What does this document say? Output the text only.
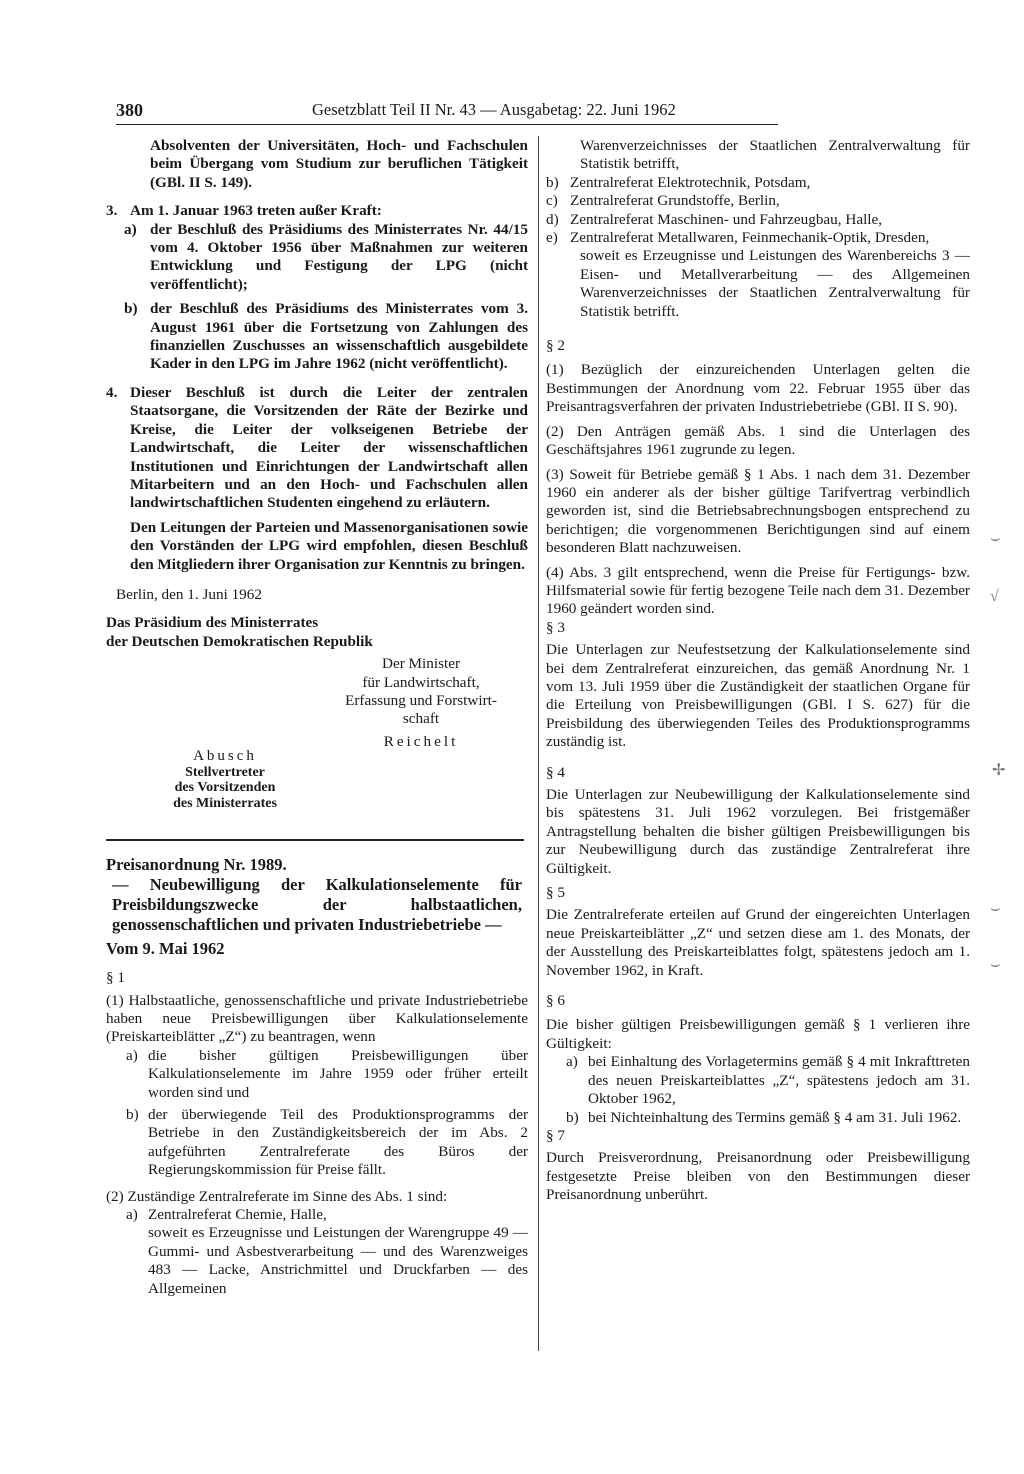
380	Gesetzblatt Teil II Nr. 43 — Ausgabetag: 22. Juni 1962

Absolventen der Universitäten, Hoch- und Fachschulen beim Übergang vom Studium zur beruflichen Tätigkeit (GBl. II S. 149).

3. Am 1. Januar 1963 treten außer Kraft:
a) der Beschluß des Präsidiums des Ministerrates Nr. 44/15 vom 4. Oktober 1956 über Maßnahmen zur weiteren Entwicklung und Festigung der LPG (nicht veröffentlicht);
b) der Beschluß des Präsidiums des Ministerrates vom 3. August 1961 über die Fortsetzung von Zahlungen des finanziellen Zuschusses an wissenschaftlich ausgebildete Kader in den LPG im Jahre 1962 (nicht veröffentlicht).
4. Dieser Beschluß ist durch die Leiter der zentralen Staatsorgane, die Vorsitzenden der Räte der Bezirke und Kreise, die Leiter der volkseigenen Betriebe der Landwirtschaft, die Leiter der wissenschaftlichen Institutionen und Einrichtungen der Landwirtschaft allen Mitarbeitern und an den Hoch- und Fachschulen allen landwirtschaftlichen Studenten eingehend zu erläutern.

Den Leitungen der Parteien und Massenorganisationen sowie den Vorständen der LPG wird empfohlen, diesen Beschluß den Mitgliedern ihrer Organisation zur Kenntnis zu bringen.

Berlin, den 1. Juni 1962

Das Präsidium des Ministerrates

der Deutschen Demokratischen Republik

Der Minister
für Landwirtschaft,
Erfassung und Forstwirt-
schaft
Reichelt
Abusch
Stellvertreter
des Vorsitzenden
des Ministerrates

Preisanordnung Nr. 1989.

— Neubewilligung der Kalkulationselemente für Preisbildungszwecke der halbstaatlichen, genossenschaftlichen und privaten Industriebetriebe —

Vom 9. Mai 1962

§ 1

(1) Halbstaatliche, genossenschaftliche und private Industriebetriebe haben neue Preisbewilligungen über Kalkulationselemente (Preiskarteiblätter „Z“) zu beantragen, wenn

a) die bisher gültigen Preisbewilligungen über Kalkulationselemente im Jahre 1959 oder früher erteilt worden sind und
b) der überwiegende Teil des Produktionsprogramms der Betriebe in den Zuständigkeitsbereich der im Abs. 2 aufgeführten Zentralreferate des Büros der Regierungskommission für Preise fällt.

(2) Zuständige Zentralreferate im Sinne des Abs. 1 sind:

a) Zentralreferat Chemie, Halle,

soweit es Erzeugnisse und Leistungen der Warengruppe 49 — Gummi- und Asbestverarbeitung — und des Warenzweiges 483 — Lacke, Anstrichmittel und Druckfarben — des Allgemeinen

Warenverzeichnisses der Staatlichen Zentralverwaltung für Statistik betrifft,

b) Zentralreferat Elektrotechnik, Potsdam,
c) Zentralreferat Grundstoffe, Berlin,
d) Zentralreferat Maschinen- und Fahrzeugbau, Halle,
e) Zentralreferat Metallwaren, Feinmechanik-Optik, Dresden,

soweit es Erzeugnisse und Leistungen des Warenbereichs 3 — Eisen- und Metallverarbeitung — des Allgemeinen Warenverzeichnisses der Staatlichen Zentralverwaltung für Statistik betrifft.

§ 2

(1) Bezüglich der einzureichenden Unterlagen gelten die Bestimmungen der Anordnung vom 22. Februar 1955 über das Preisantragsverfahren der privaten Industriebetriebe (GBl. II S. 90).

(2) Den Anträgen gemäß Abs. 1 sind die Unterlagen des Geschäftsjahres 1961 zugrunde zu legen.

(3) Soweit für Betriebe gemäß § 1 Abs. 1 nach dem 31. Dezember 1960 ein anderer als der bisher gültige Tarifvertrag verbindlich geworden ist, sind die Betriebsabrechnungsbogen entsprechend zu berichtigen; die vorgenommenen Berichtigungen sind auf einem besonderen Blatt nachzuweisen.

(4) Abs. 3 gilt entsprechend, wenn die Preise für Fertigungs- bzw. Hilfsmaterial sowie für fertig bezogene Teile nach dem 31. Dezember 1960 geändert worden sind.

§ 3

Die Unterlagen zur Neufestsetzung der Kalkulationselemente sind bei dem Zentralreferat einzureichen, das gemäß Anordnung Nr. 1 vom 13. Juli 1959 über die Zuständigkeit der staatlichen Organe für die Erteilung von Preisbewilligungen (GBl. I S. 627) für die Preisbildung des überwiegenden Teiles des Produktionsprogramms zuständig ist.

§ 4

Die Unterlagen zur Neubewilligung der Kalkulationselemente sind bis spätestens 31. Juli 1962 vorzulegen. Bei fristgemäßer Antragstellung behalten die bisher gültigen Preisbewilligungen bis zur Neubewilligung durch das zuständige Zentralreferat ihre Gültigkeit.

§ 5

Die Zentralreferate erteilen auf Grund der eingereichten Unterlagen neue Preiskarteiblätter „Z“ und setzen diese am 1. des Monats, der der Ausstellung des Preiskarteiblattes folgt, spätestens jedoch am 1. November 1962, in Kraft.

§ 6

Die bisher gültigen Preisbewilligungen gemäß § 1 verlieren ihre Gültigkeit:

a) bei Einhaltung des Vorlagetermins gemäß § 4 mit Inkrafttreten des neuen Preiskarteiblattes „Z“, spätestens jedoch am 31. Oktober 1962,
b) bei Nichteinhaltung des Termins gemäß § 4 am 31. Juli 1962.

§ 7

Durch Preisverordnung, Preisanordnung oder Preisbewilligung festgesetzte Preise bleiben von den Bestimmungen dieser Preisanordnung unberührt.

⌣
√
✢
⌣
⌣
